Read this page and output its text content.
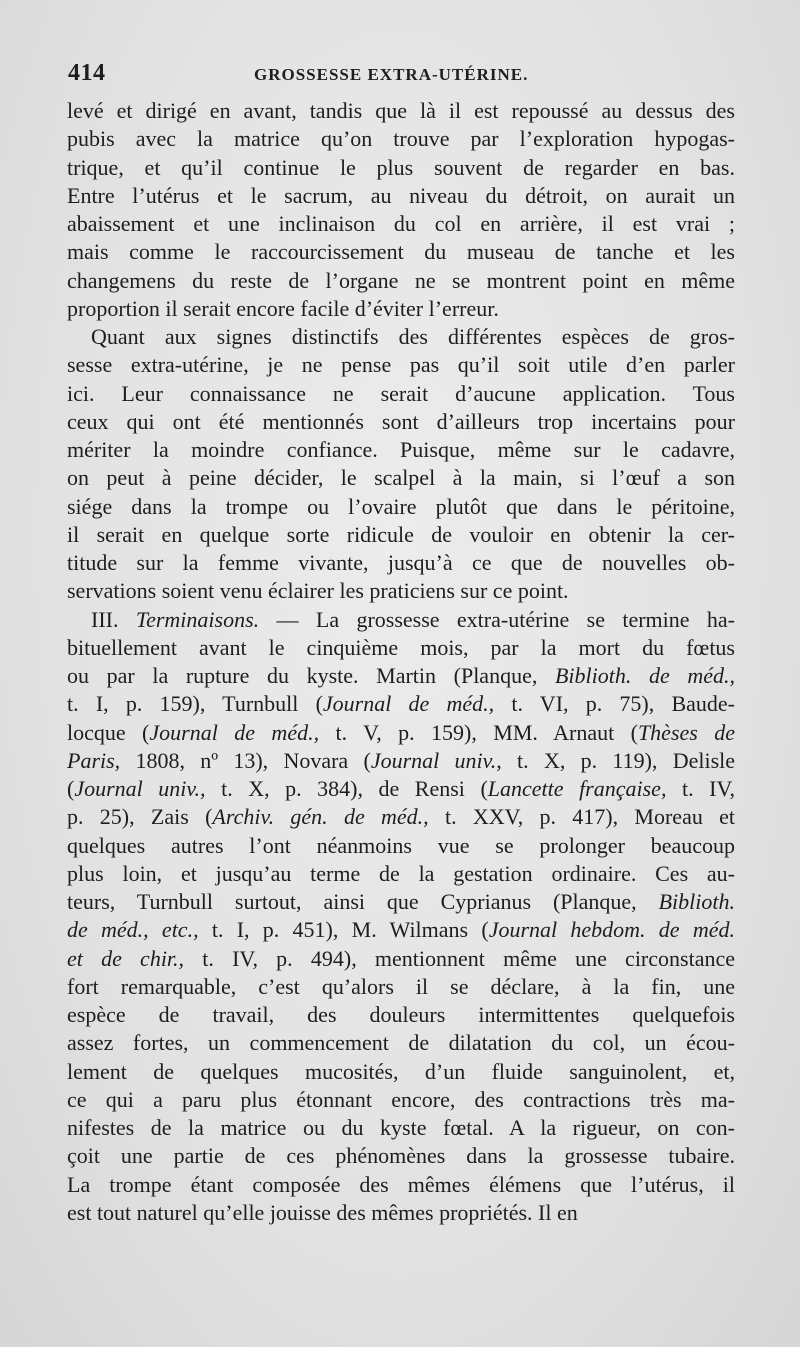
414	GROSSESSE EXTRA-UTÉRINE.
levé et dirigé en avant, tandis que là il est repoussé au dessus des
pubis avec la matrice qu’on trouve par l’exploration hypogas-
trique, et qu’il continue le plus souvent de regarder en bas.
Entre l’utérus et le sacrum, au niveau du détroit, on aurait un
abaissement et une inclinaison du col en arrière, il est vrai ;
mais comme le raccourcissement du museau de tanche et les
changemens du reste de l’organe ne se montrent point en même
proportion il serait encore facile d’éviter l’erreur.
Quant aux signes distinctifs des différentes espèces de gros-
sesse extra-utérine, je ne pense pas qu’il soit utile d’en parler
ici. Leur connaissance ne serait d’aucune application. Tous
ceux qui ont été mentionnés sont d’ailleurs trop incertains pour
mériter la moindre confiance. Puisque, même sur le cadavre,
on peut à peine décider, le scalpel à la main, si l’œuf a son
siége dans la trompe ou l’ovaire plutôt que dans le péritoine,
il serait en quelque sorte ridicule de vouloir en obtenir la cer-
titude sur la femme vivante, jusqu’à ce que de nouvelles ob-
servations soient venu éclairer les praticiens sur ce point.
III. Terminaisons. — La grossesse extra-utérine se termine ha-
bituellement avant le cinquième mois, par la mort du fœtus
ou par la rupture du kyste. Martin (Planque, Biblioth. de méd.,
t. I, p. 159), Turnbull (Journal de méd., t. VI, p. 75), Baude-
locque (Journal de méd., t. V, p. 159), MM. Arnaut (Thèses de
Paris, 1808, nº 13), Novara (Journal univ., t. X, p. 119), Delisle
(Journal univ., t. X, p. 384), de Rensi (Lancette française, t. IV,
p. 25), Zais (Archiv. gén. de méd., t. XXV, p. 417), Moreau et
quelques autres l’ont néanmoins vue se prolonger beaucoup
plus loin, et jusqu’au terme de la gestation ordinaire. Ces au-
teurs, Turnbull surtout, ainsi que Cyprianus (Planque, Biblioth.
de méd., etc., t. I, p. 451), M. Wilmans (Journal hebdom. de méd.
et de chir., t. IV, p. 494), mentionnent même une circonstance
fort remarquable, c’est qu’alors il se déclare, à la fin, une
espèce de travail, des douleurs intermittentes quelquefois
assez fortes, un commencement de dilatation du col, un écou-
lement de quelques mucosités, d’un fluide sanguinolent, et,
ce qui a paru plus étonnant encore, des contractions très ma-
nifestes de la matrice ou du kyste fœtal. A la rigueur, on con-
çoit une partie de ces phénomènes dans la grossesse tubaire.
La trompe étant composée des mêmes élémens que l’utérus, il
est tout naturel qu’elle jouisse des mêmes propriétés. Il en
